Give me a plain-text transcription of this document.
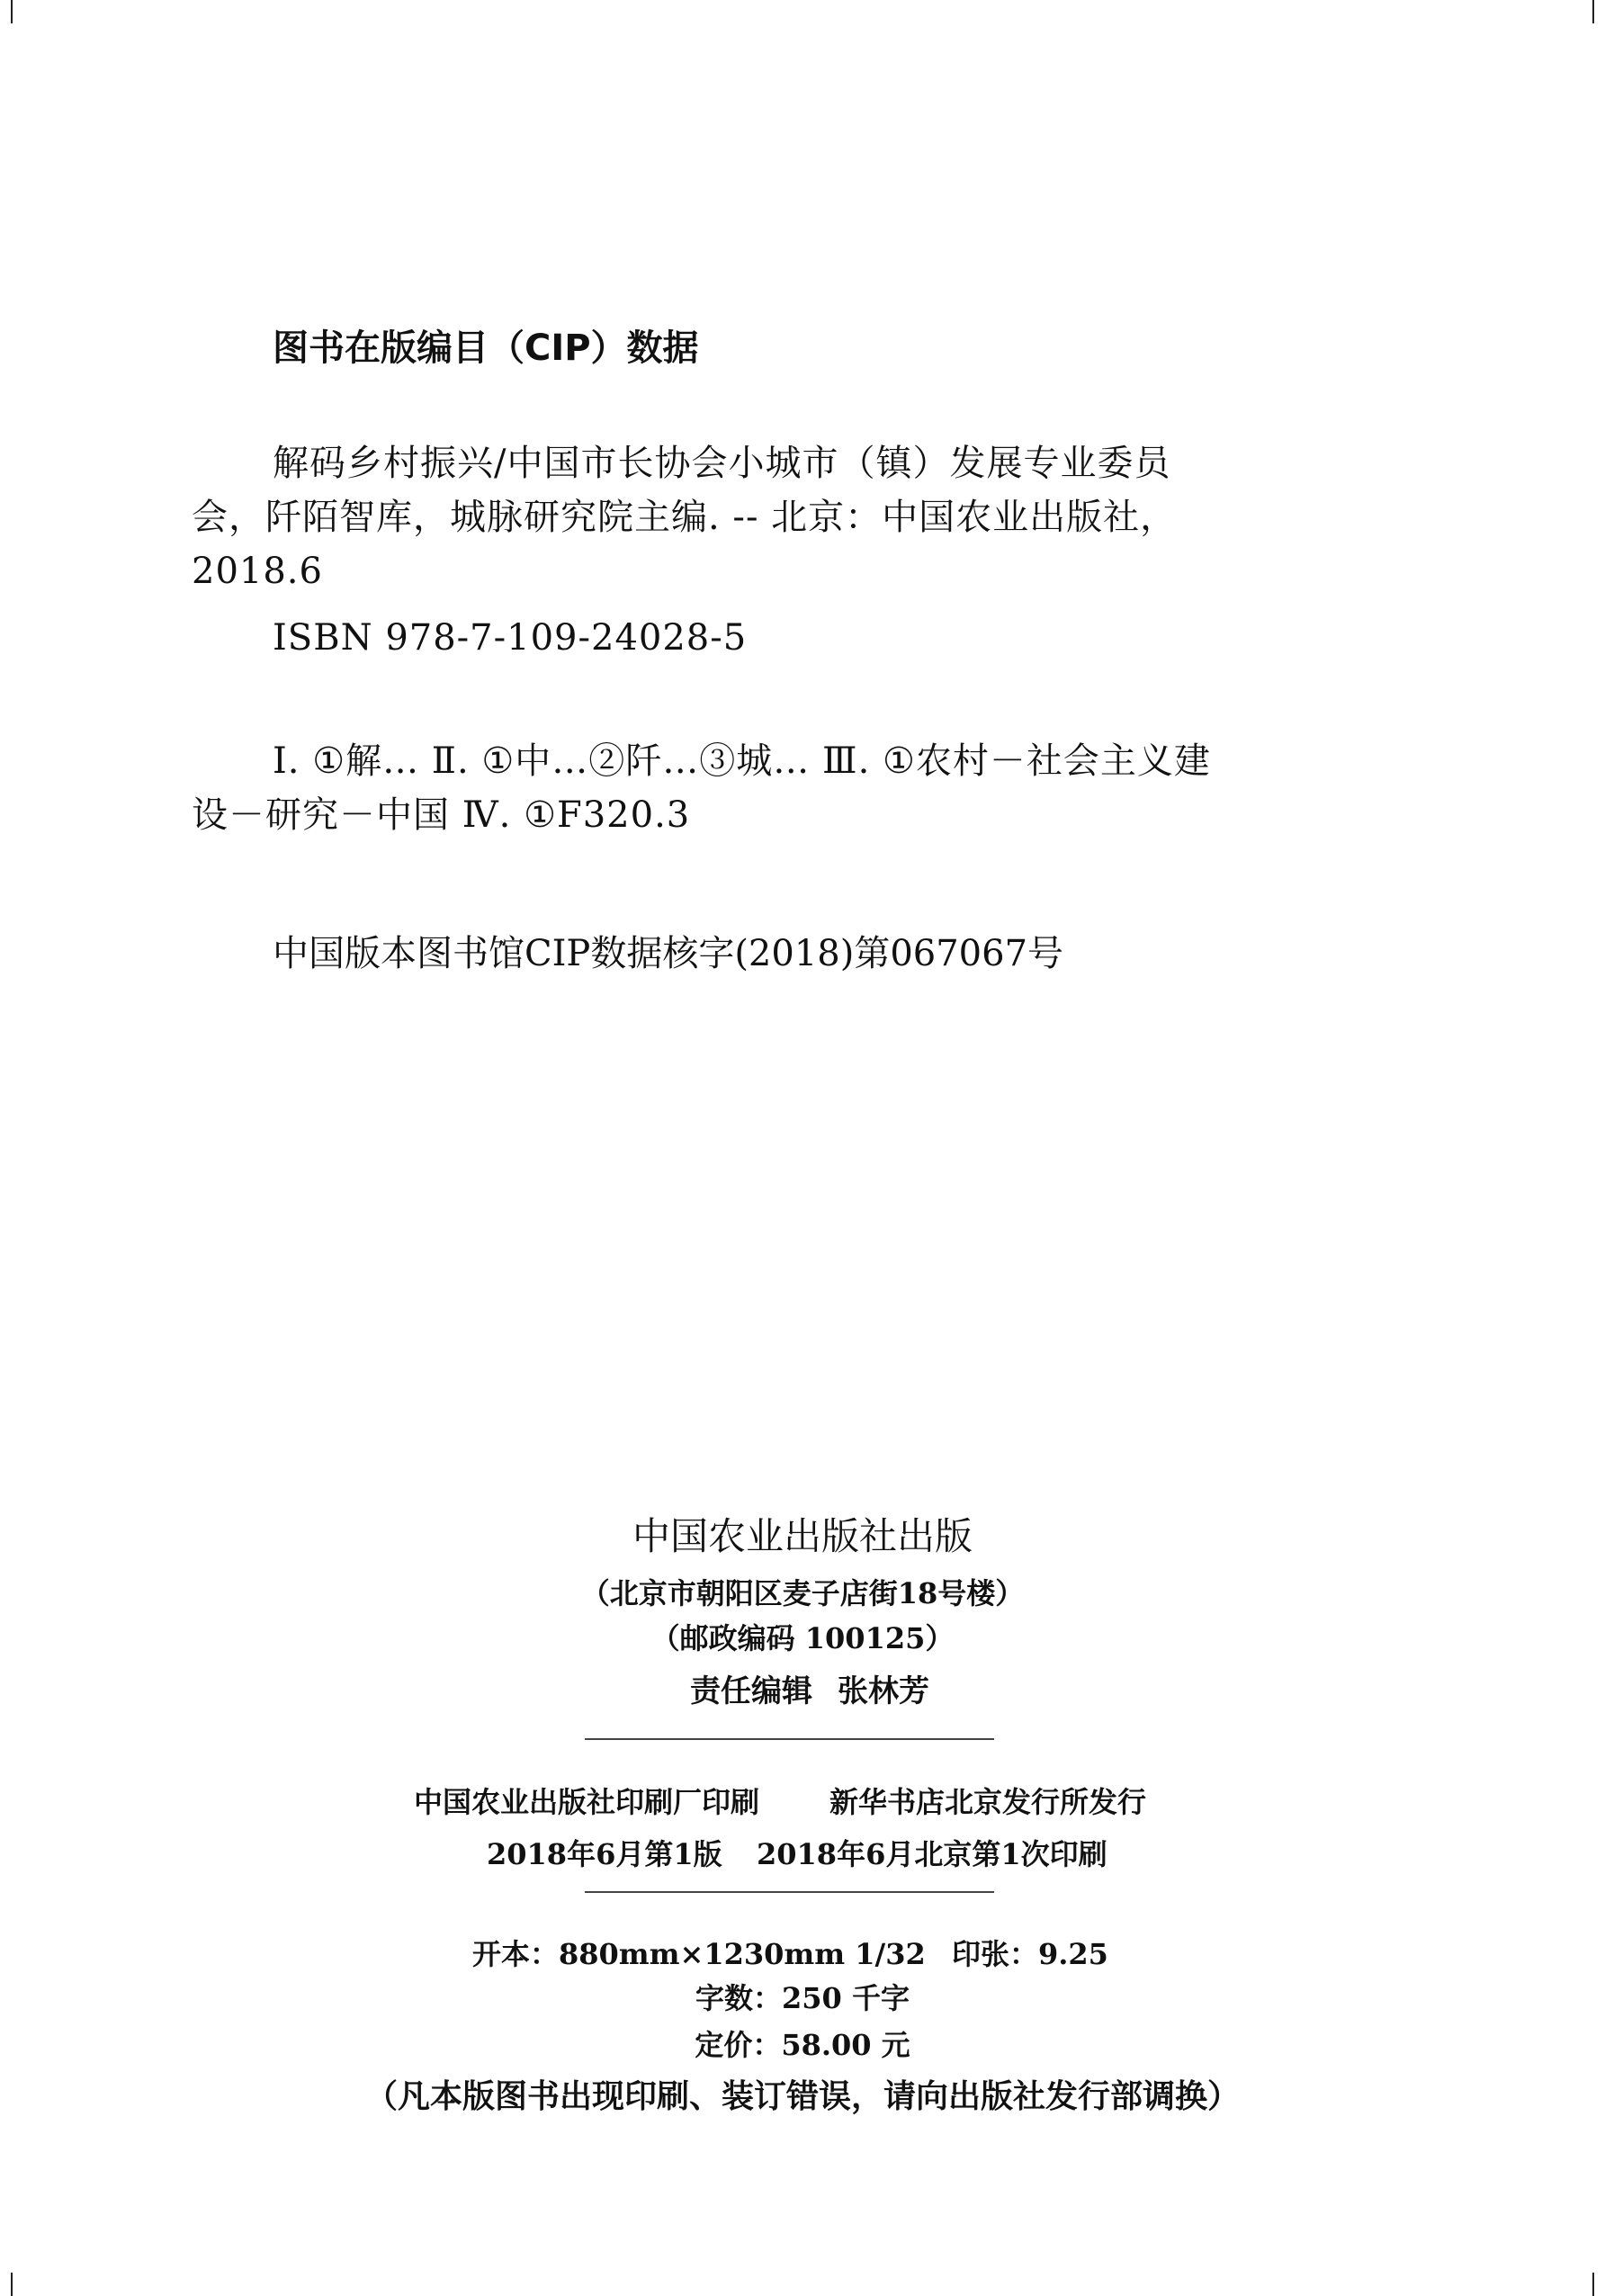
图书在版编目（CIP）数据
解码乡村振兴/中国市长协会小城市（镇）发展专业委员会，阡陌智库，城脉研究院主编. -- 北京：中国农业出版社，2018.6
ISBN 978-7-109-24028-5
Ⅰ. ①解… Ⅱ. ①中…②阡…③城… Ⅲ. ①农村－社会主义建设－研究－中国 Ⅳ. ①F320.3
中国版本图书馆CIP数据核字(2018)第067067号
中国农业出版社出版
（北京市朝阳区麦子店街18号楼）
（邮政编码 100125）
责任编辑 张林芳
中国农业出版社印刷厂印刷 新华书店北京发行所发行
2018年6月第1版 2018年6月北京第1次印刷
开本：880mm×1230mm 1/32 印张：9.25
字数：250 千字
定价：58.00 元
（凡本版图书出现印刷、装订错误，请向出版社发行部调换）
